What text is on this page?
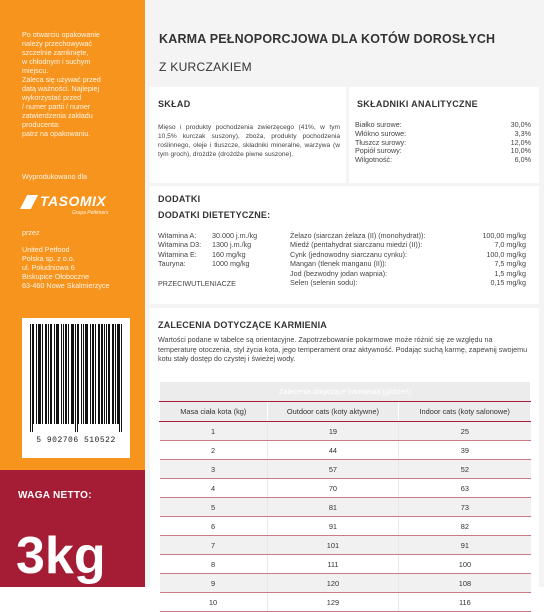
Po otwarciu opakowanie

należy przechowywać

szczelnie zamknięte,

w chłodnym i suchym

miejscu.

Zaleca się używać przed

datą ważności. Najlepiej

wykorzystać przed

/ numer partii / numer

zatwierdzenia zakładu

producenta:

patrz na opakowaniu.

Wyprodukowano dla
TASOMIX
Grupa Pettimers
przez

United Petfood

Polska sp. z o.o.

ul. Południowa 6

Biskupice Ołoboczne

63-460 Nowe Skalmierzyce

5 902706 510522
WAGA NETTO:
3kg
KARMA PEŁNOPORCJOWA DLA KOTÓW DOROSŁYCH
Z KURCZAKIEM
SKŁAD
Mięso i produkty pochodzenia zwierzęcego (41%, w tym 10,5% kurczak suszony), zboża, produkty pochodzenia roślinnego, oleje i tłuszcze, składniki mineralne, warzywa (w tym groch), drożdże (drożdże piwne suszone).
SKŁADNIKI ANALITYCZNE
Białko surowe:	30,0%
Włókno surowe:	3,3%
Tłuszcz surowy:	12,0%
Popiół surowy:	10,0%
Wilgotność:	6,0%
DODATKI
DODATKI DIETETYCZNE:
Witamina A:	30.000 j.m./kg
Witamina D3:	1300 j.m./kg
Witamina E:	160 mg/kg
Tauryna:	1000 mg/kg
PRZECIWUTLENIACZE
Żelazo (siarczan żelaza (II) (monohydrat)):	100,00 mg/kg
Miedź (pentahydrat siarczanu miedzi (II)):	7,0 mg/kg
Cynk (jednowodny siarczanu cynku):	100,0 mg/kg
Mangan (tlenek manganu (II)):	7,5 mg/kg
Jod (bezwodny jodan wapnia):	1,5 mg/kg
Selen (selenin sodu):	0,15 mg/kg
ZALECENIA DOTYCZĄCE KARMIENIA
Wartości podane w tabelce są orientacyjne. Zapotrzebowanie pokarmowe może różnić się ze względu na temperaturę otoczenia, styl życia kota, jego temperament oraz aktywność. Podając suchą karmę, zapewnij swojemu kotu stały dostęp do czystej i świeżej wody.
Zalecenia dotyczące karmienia (g/dzień)		
Masa ciała kota (kg)	Outdoor cats (koty aktywne)	Indoor cats (koty salonowe)
1	19	25
2	44	39
3	57	52
4	70	63
5	81	73
6	91	82
7	101	91
8	111	100
9	120	108
10	129	116
